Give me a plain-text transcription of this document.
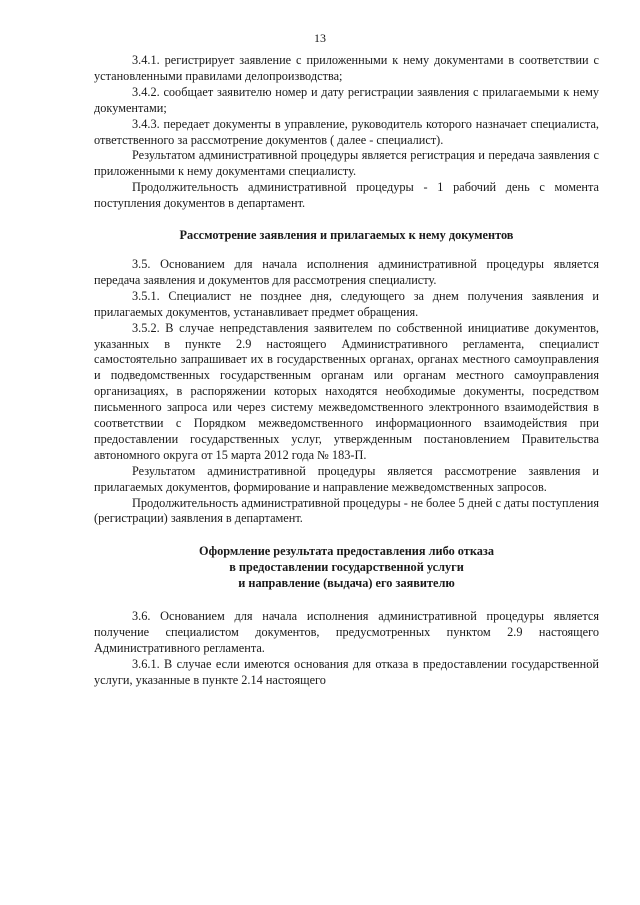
13

3.4.1. регистрирует заявление с приложенными к нему документами в соответствии с установленными правилами делопроизводства;

3.4.2. сообщает заявителю номер и дату регистрации заявления с прилагаемыми к нему документами;

3.4.3. передает документы в управление, руководитель которого назначает специалиста, ответственного за рассмотрение документов ( далее - специалист).

Результатом административной процедуры является регистрация и передача заявления с приложенными к нему документами специалисту.

Продолжительность административной процедуры - 1 рабочий день с момента поступления документов в департамент.

Рассмотрение заявления и прилагаемых к нему документов

3.5. Основанием для начала исполнения административной процедуры является передача заявления и документов для рассмотрения специалисту.

3.5.1. Специалист не позднее дня, следующего за днем получения заявления и прилагаемых документов, устанавливает предмет обращения.

3.5.2. В случае непредставления заявителем по собственной инициативе документов, указанных в пункте 2.9 настоящего Административного регламента, специалист самостоятельно запрашивает их в государственных органах, органах местного самоуправления и подведомственных государственным органам или органам местного самоуправления организациях, в распоряжении которых находятся необходимые документы, посредством письменного запроса или через систему межведомственного электронного взаимодействия в соответствии с Порядком межведомственного информационного взаимодействия при предоставлении государственных услуг, утвержденным постановлением Правительства автономного округа от 15 марта 2012 года № 183-П.

Результатом административной процедуры является рассмотрение заявления и прилагаемых документов, формирование и направление межведомственных запросов.

Продолжительность административной процедуры - не более 5 дней с даты поступления (регистрации) заявления в департамент.

Оформление результата предоставления либо отказа

в предоставлении государственной услуги

и направление (выдача) его заявителю

3.6. Основанием для начала исполнения административной процедуры является получение специалистом документов, предусмотренных пунктом 2.9 настоящего Административного регламента.

3.6.1. В случае если имеются основания для отказа в предоставлении государственной услуги, указанные в пункте 2.14 настоящего
